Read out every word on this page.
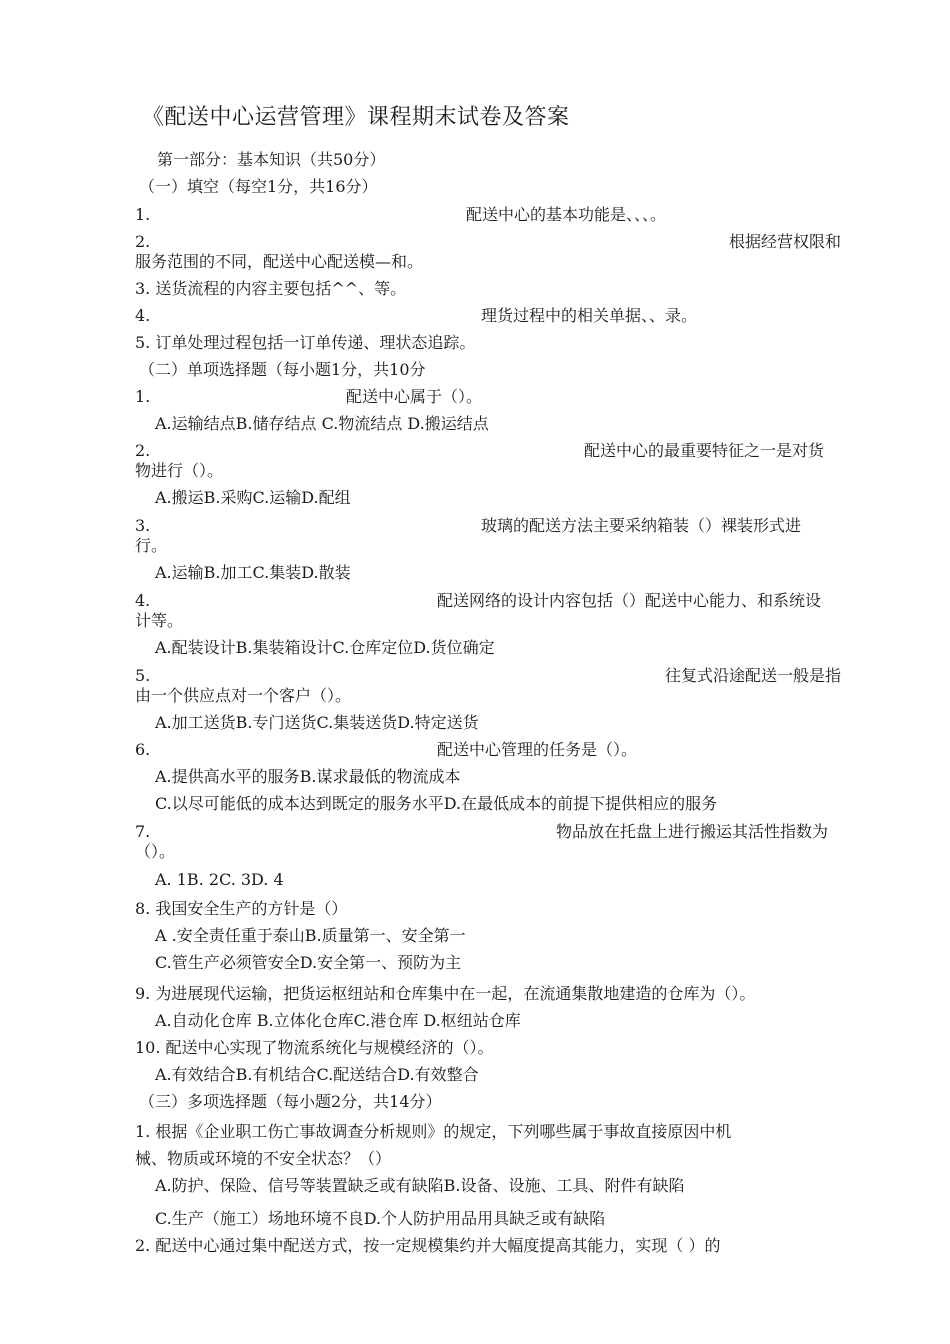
《配送中心运营管理》课程期末试卷及答案
第一部分：基本知识（共50分）
（一）填空（每空1分，共16分）
1.	配送中心的基本功能是、、、。
2.	根据经营权限和
服务范围的不同，配送中心配送模—和。
3. 送货流程的内容主要包括^^、等。
4.	理货过程中的相关单据、、录。
5. 订单处理过程包括一订单传递、理状态追踪。
（二）单项选择题（每小题1分，共10分
1.	配送中心属于（）。
A.运输结点B.储存结点 C.物流结点 D.搬运结点
2.	配送中心的最重要特征之一是对货
物进行（）。
A.搬运B.采购C.运输D.配组
3.	玻璃的配送方法主要采纳箱装（）裸装形式进
行。
A.运输B.加工C.集装D.散装
4.	配送网络的设计内容包括（）配送中心能力、和系统设
计等。
A.配装设计B.集装箱设计C.仓库定位D.货位确定
5.	往复式沿途配送一般是指
由一个供应点对一个客户（）。
A.加工送货B.专门送货C.集装送货D.特定送货
6.	配送中心管理的任务是（）。
A.提供高水平的服务B.谋求最低的物流成本
C.以尽可能低的成本达到既定的服务水平D.在最低成本的前提下提供相应的服务
7.	物品放在托盘上进行搬运其活性指数为
（）。
A. 1B. 2C. 3D. 4
8. 我国安全生产的方针是（）
A .安全责任重于泰山B.质量第一、安全第一
C.管生产必须管安全D.安全第一、预防为主
9. 为进展现代运输，把货运枢纽站和仓库集中在一起，在流通集散地建造的仓库为（）。
A.自动化仓库 B.立体化仓库C.港仓库 D.枢纽站仓库
10. 配送中心实现了物流系统化与规模经济的（）。
A.有效结合B.有机结合C.配送结合D.有效整合
（三）多项选择题（每小题2分，共14分）
1. 根据《企业职工伤亡事故调查分析规则》的规定，下列哪些属于事故直接原因中机
械、物质或环境的不安全状态？（）
A.防护、保险、信号等装置缺乏或有缺陷B.设备、设施、工具、附件有缺陷
C.生产（施工）场地环境不良D.个人防护用品用具缺乏或有缺陷
2. 配送中心通过集中配送方式，按一定规模集约并大幅度提高其能力，实现（ ）的
